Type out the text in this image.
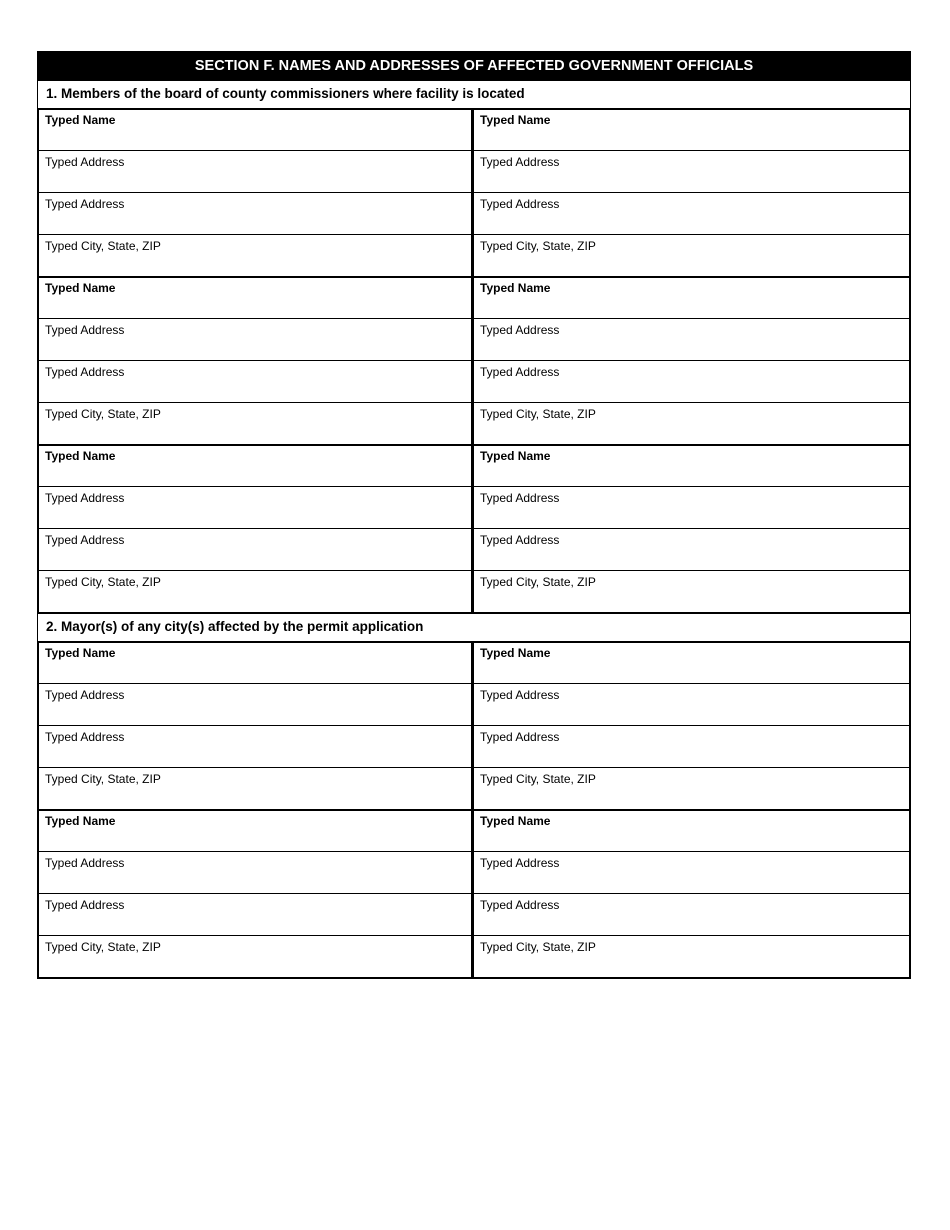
SECTION F. NAMES AND ADDRESSES OF AFFECTED GOVERNMENT OFFICIALS
1. Members of the board of county commissioners where facility is located
Typed Name
Typed Address
Typed Address
Typed City, State, ZIP
Typed Name
Typed Address
Typed Address
Typed City, State, ZIP
Typed Name
Typed Address
Typed Address
Typed City, State, ZIP
Typed Name
Typed Address
Typed Address
Typed City, State, ZIP
Typed Name
Typed Address
Typed Address
Typed City, State, ZIP
Typed Name
Typed Address
Typed Address
Typed City, State, ZIP
2. Mayor(s) of any city(s) affected by the permit application
Typed Name
Typed Address
Typed Address
Typed City, State, ZIP
Typed Name
Typed Address
Typed Address
Typed City, State, ZIP
Typed Name
Typed Address
Typed Address
Typed City, State, ZIP
Typed Name
Typed Address
Typed Address
Typed City, State, ZIP
